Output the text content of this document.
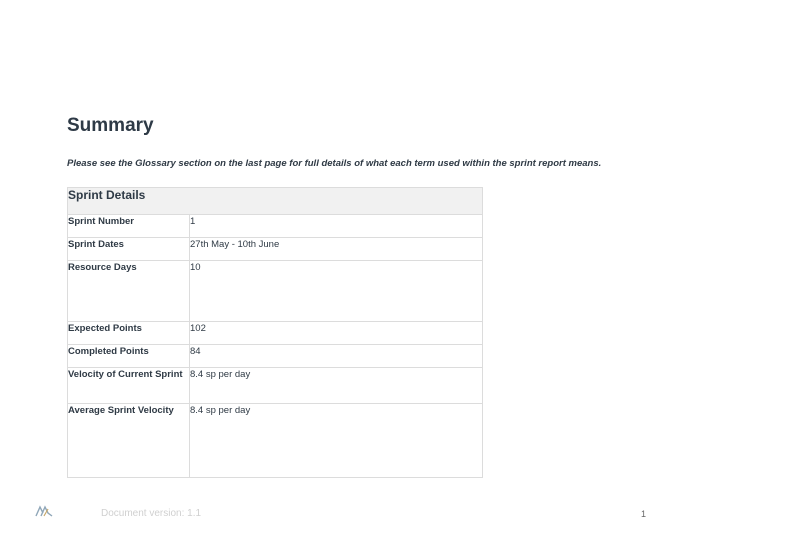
Summary
Please see the Glossary section on the last page for full details of what each term used within the sprint report means.
Sprint Details	
Sprint Number	1
Sprint Dates	27th May - 10th June
Resource Days	10
Expected Points	102
Completed Points	84
Velocity of Current Sprint	8.4 sp per day
Average Sprint Velocity	8.4 sp per day
Document version: 1.1	1
